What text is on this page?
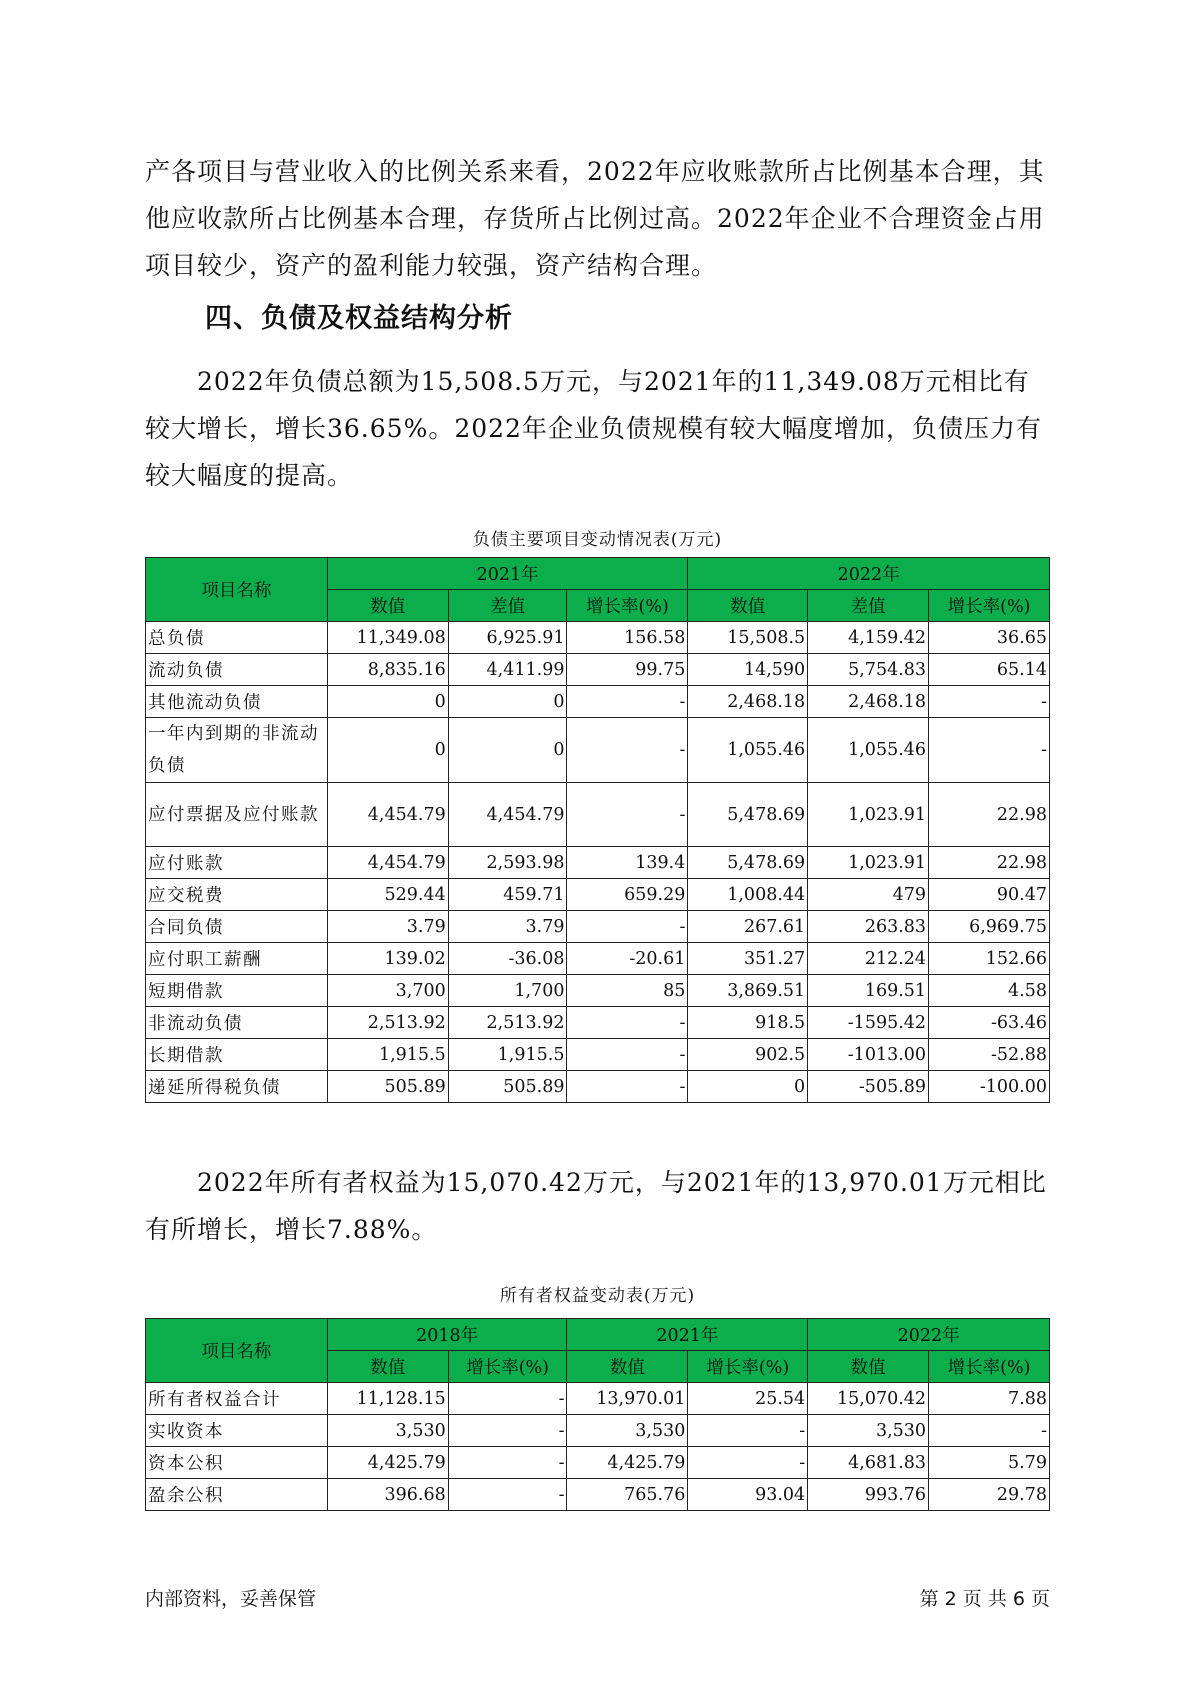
产各项目与营业收入的比例关系来看，2022年应收账款所占比例基本合理，其他应收款所占比例基本合理，存货所占比例过高。2022年企业不合理资金占用项目较少，资产的盈利能力较强，资产结构合理。

四、负债及权益结构分析

2022年负债总额为15,508.5万元，与2021年的11,349.08万元相比有较大增长，增长36.65%。2022年企业负债规模有较大幅度增加，负债压力有较大幅度的提高。

负债主要项目变动情况表(万元)
项目名称	2021年			2022年		
	数值	差值	增长率(%)	数值	差值	增长率(%)
总负债	11,349.08	6,925.91	156.58	15,508.5	4,159.42	36.65
流动负债	8,835.16	4,411.99	99.75	14,590	5,754.83	65.14
其他流动负债	0	0	-	2,468.18	2,468.18	-
一年内到期的非流动负债	0	0	-	1,055.46	1,055.46	-
应付票据及应付账款	4,454.79	4,454.79	-	5,478.69	1,023.91	22.98
应付账款	4,454.79	2,593.98	139.4	5,478.69	1,023.91	22.98
应交税费	529.44	459.71	659.29	1,008.44	479	90.47
合同负债	3.79	3.79	-	267.61	263.83	6,969.75
应付职工薪酬	139.02	-36.08	-20.61	351.27	212.24	152.66
短期借款	3,700	1,700	85	3,869.51	169.51	4.58
非流动负债	2,513.92	2,513.92	-	918.5	-1595.42	-63.46
长期借款	1,915.5	1,915.5	-	902.5	-1013.00	-52.88
递延所得税负债	505.89	505.89	-	0	-505.89	-100.00

2022年所有者权益为15,070.42万元，与2021年的13,970.01万元相比有所增长，增长7.88%。

所有者权益变动表(万元)
项目名称	2018年		2021年		2022年	
	数值	增长率(%)	数值	增长率(%)	数值	增长率(%)
所有者权益合计	11,128.15	-	13,970.01	25.54	15,070.42	7.88
实收资本	3,530	-	3,530	-	3,530	-
资本公积	4,425.79	-	4,425.79	-	4,681.83	5.79
盈余公积	396.68	-	765.76	93.04	993.76	29.78
内部资料，妥善保管	第 2 页 共 6 页
